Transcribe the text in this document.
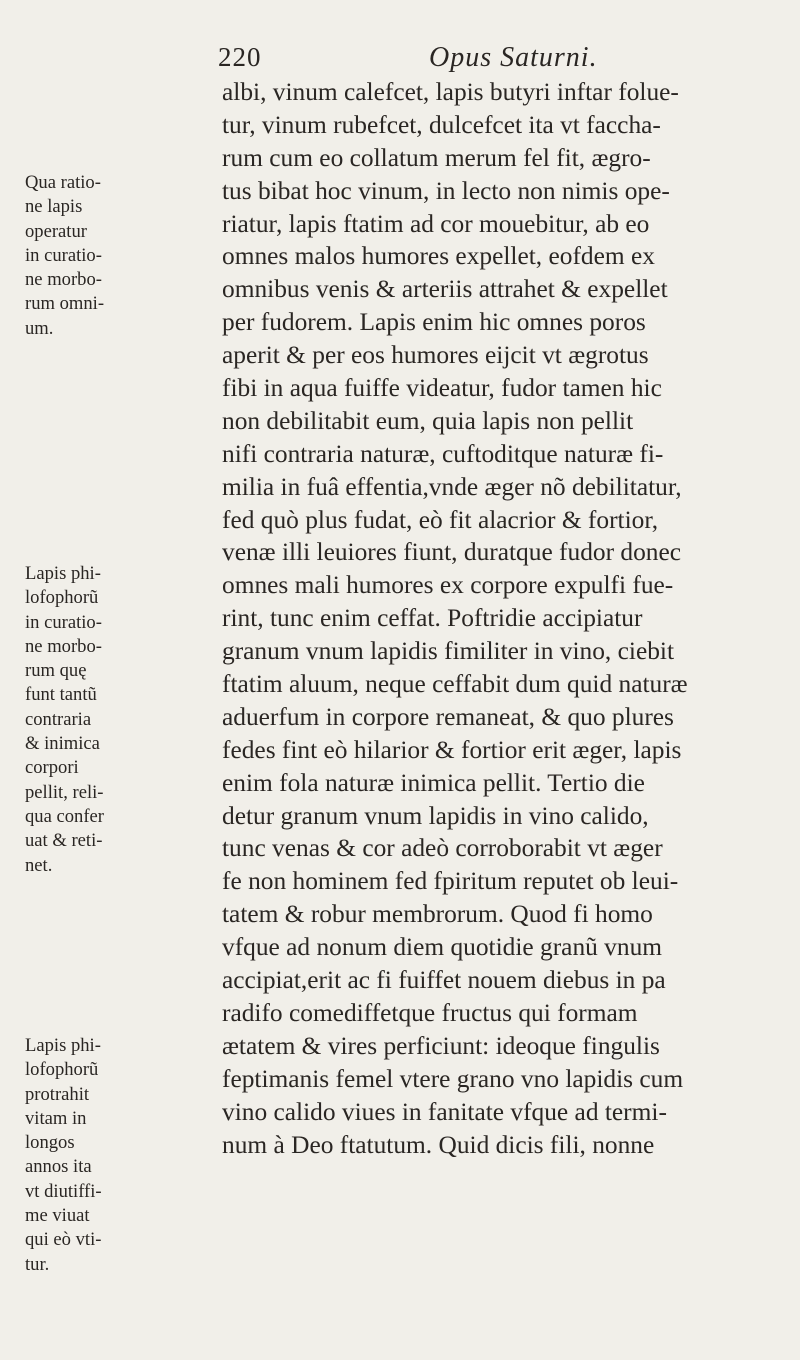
220	Opus Saturni.
Qua ratio-
ne lapis
operatur
in curatio-
ne morbo-
rum omni-
um.
Lapis phi-
lofophorũ
in curatio-
ne morbo-
rum quę
funt tantũ
contraria
& inimica
corpori
pellit, reli-
qua confer
uat & reti-
net.
Lapis phi-
lofophorũ
protrahit
vitam in
longos
annos ita
vt diutiffi-
me viuat
qui eò vti-
tur.
albi, vinum calefcet, lapis butyri inftar folue-
tur, vinum rubefcet, dulcefcet ita vt faccha-
rum cum eo collatum merum fel fit, ægro-
tus bibat hoc vinum, in lecto non nimis ope-
riatur, lapis ftatim ad cor mouebitur, ab eo
omnes malos humores expellet, eofdem ex
omnibus venis & arteriis attrahet & expellet
per fudorem. Lapis enim hic omnes poros
aperit & per eos humores eijcit vt ægrotus
fibi in aqua fuiffe videatur, fudor tamen hic
non debilitabit eum, quia lapis non pellit
nifi contraria naturæ, cuftoditque naturæ fi-
milia in fuâ effentia,vnde æger nõ debilitatur,
fed quò plus fudat, eò fit alacrior & fortior,
venæ illi leuiores fiunt, duratque fudor donec
omnes mali humores ex corpore expulfi fue-
rint, tunc enim ceffat. Poftridie accipiatur
granum vnum lapidis fimiliter in vino, ciebit
ftatim aluum, neque ceffabit dum quid naturæ
aduerfum in corpore remaneat, & quo plures
fedes fint eò hilarior & fortior erit æger, lapis
enim fola naturæ inimica pellit. Tertio die
detur granum vnum lapidis in vino calido,
tunc venas & cor adeò corroborabit vt æger
fe non hominem fed fpiritum reputet ob leui-
tatem & robur membrorum. Quod fi homo
vfque ad nonum diem quotidie granũ vnum
accipiat,erit ac fi fuiffet nouem diebus in pa
radifo comediffetque fructus qui formam
ætatem & vires perficiunt: ideoque fingulis
feptimanis femel vtere grano vno lapidis cum
vino calido viues in fanitate vfque ad termi-
num à Deo ftatutum. Quid dicis fili, nonne
